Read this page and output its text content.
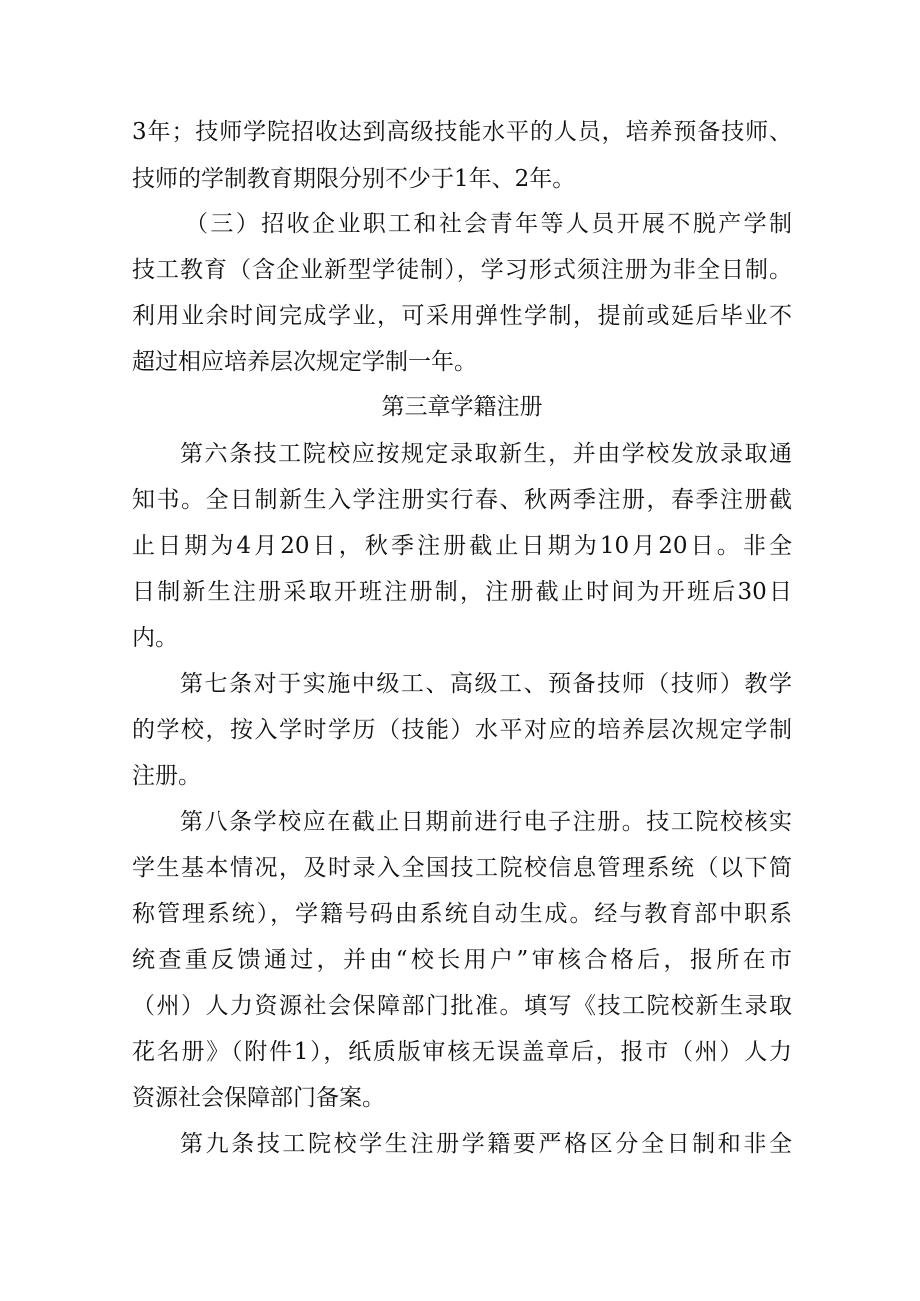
3年；技师学院招收达到高级技能水平的人员，培养预备技师、
技师的学制教育期限分别不少于1年、2年。
（三）招收企业职工和社会青年等人员开展不脱产学制
技工教育（含企业新型学徒制），学习形式须注册为非全日制。
利用业余时间完成学业，可采用弹性学制，提前或延后毕业不
超过相应培养层次规定学制一年。
第三章学籍注册
第六条技工院校应按规定录取新生，并由学校发放录取通
知书。全日制新生入学注册实行春、秋两季注册，春季注册截
止日期为4月20日，秋季注册截止日期为10月20日。非全
日制新生注册采取开班注册制，注册截止时间为开班后30日
内。
第七条对于实施中级工、高级工、预备技师（技师）教学
的学校，按入学时学历（技能）水平对应的培养层次规定学制
注册。
第八条学校应在截止日期前进行电子注册。技工院校核实
学生基本情况，及时录入全国技工院校信息管理系统（以下简
称管理系统），学籍号码由系统自动生成。经与教育部中职系
统查重反馈通过，并由“校长用户”审核合格后，报所在市
（州）人力资源社会保障部门批准。填写《技工院校新生录取
花名册》（附件1），纸质版审核无误盖章后，报市（州）人力
资源社会保障部门备案。
第九条技工院校学生注册学籍要严格区分全日制和非全
